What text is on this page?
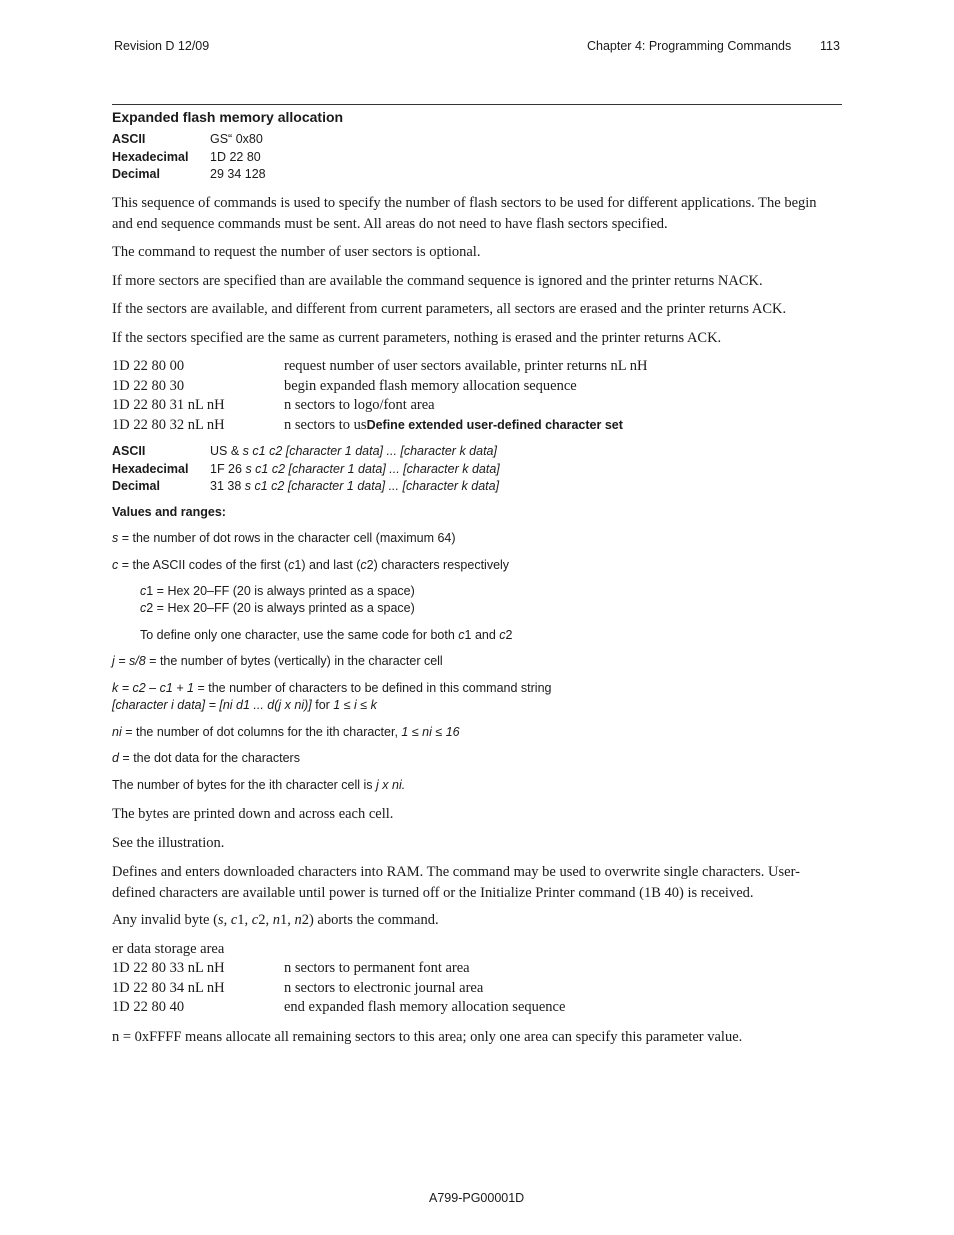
Revision D 12/09	Chapter 4: Programming Commands 113
Expanded flash memory allocation
ASCII	GS“ 0x80
Hexadecimal 1D 22 80
Decimal	29 34 128
This sequence of commands is used to specify the number of flash sectors to be used for different applications. The begin and end sequence commands must be sent. All areas do not need to have flash sectors specified.
The command to request the number of user sectors is optional.
If more sectors are specified than are available the command sequence is ignored and the printer returns NACK.
If the sectors are available, and different from current parameters, all sectors are erased and the printer returns ACK.
If the sectors specified are the same as current parameters, nothing is erased and the printer returns ACK.
1D 22 80 00	request number of user sectors available, printer returns nL nH
1D 22 80 30	begin expanded flash memory allocation sequence
1D 22 80 31 nL nH	n sectors to logo/font area
1D 22 80 32 nL nH	n sectors to usDefine extended user-defined character set
ASCII	US & s c1 c2 [character 1 data] ... [character k data]
Hexadecimal 1F 26 s c1 c2 [character 1 data] ... [character k data]
Decimal	31 38 s c1 c2 [character 1 data] ... [character k data]
Values and ranges:
s = the number of dot rows in the character cell (maximum 64)
c = the ASCII codes of the first (c1) and last (c2) characters respectively
c1 = Hex 20–FF (20 is always printed as a space)
c2 = Hex 20–FF (20 is always printed as a space)
To define only one character, use the same code for both c1 and c2
j = s/8 = the number of bytes (vertically) in the character cell
k = c2 – c1 + 1 = the number of characters to be defined in this command string
[character i data] = [ni d1 ... d(j x ni)] for 1 ≤ i ≤ k
ni = the number of dot columns for the ith character, 1 ≤ ni ≤ 16
d = the dot data for the characters
The number of bytes for the ith character cell is j x ni.
The bytes are printed down and across each cell.
See the illustration.
Defines and enters downloaded characters into RAM. The command may be used to overwrite single characters. User-defined characters are available until power is turned off or the Initialize Printer command (1B 40) is received.
Any invalid byte (s, c1, c2, n1, n2) aborts the command.
er data storage area
1D 22 80 33 nL nH	n sectors to permanent font area
1D 22 80 34 nL nH	n sectors to electronic journal area
1D 22 80 40	end expanded flash memory allocation sequence
n = 0xFFFF means allocate all remaining sectors to this area; only one area can specify this parameter value.
A799-PG00001D
